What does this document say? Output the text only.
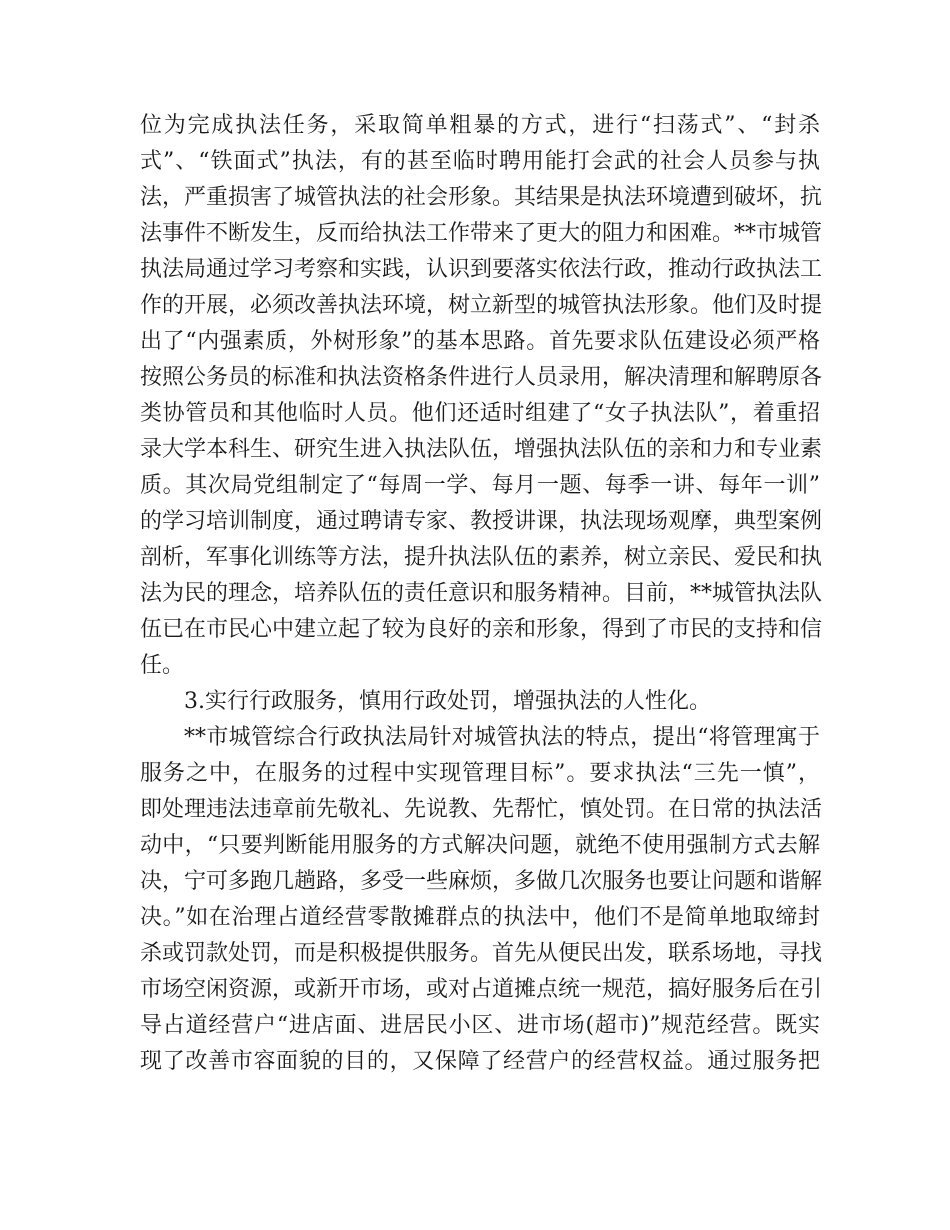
位为完成执法任务，采取简单粗暴的方式，进行“扫荡式”、“封杀
式”、“铁面式”执法，有的甚至临时聘用能打会武的社会人员参与执
法，严重损害了城管执法的社会形象。其结果是执法环境遭到破坏，抗
法事件不断发生，反而给执法工作带来了更大的阻力和困难。**市城管
执法局通过学习考察和实践，认识到要落实依法行政，推动行政执法工
作的开展，必须改善执法环境，树立新型的城管执法形象。他们及时提
出了“内强素质，外树形象”的基本思路。首先要求队伍建设必须严格
按照公务员的标准和执法资格条件进行人员录用，解决清理和解聘原各
类协管员和其他临时人员。他们还适时组建了“女子执法队”，着重招
录大学本科生、研究生进入执法队伍，增强执法队伍的亲和力和专业素
质。其次局党组制定了“每周一学、每月一题、每季一讲、每年一训”
的学习培训制度，通过聘请专家、教授讲课，执法现场观摩，典型案例
剖析，军事化训练等方法，提升执法队伍的素养，树立亲民、爱民和执
法为民的理念，培养队伍的责任意识和服务精神。目前，**城管执法队
伍已在市民心中建立起了较为良好的亲和形象，得到了市民的支持和信
任。
3.实行行政服务，慎用行政处罚，增强执法的人性化。
**市城管综合行政执法局针对城管执法的特点，提出“将管理寓于
服务之中，在服务的过程中实现管理目标”。要求执法“三先一慎”，
即处理违法违章前先敬礼、先说教、先帮忙，慎处罚。在日常的执法活
动中，“只要判断能用服务的方式解决问题，就绝不使用强制方式去解
决，宁可多跑几趟路，多受一些麻烦，多做几次服务也要让问题和谐解
决。”如在治理占道经营零散摊群点的执法中，他们不是简单地取缔封
杀或罚款处罚，而是积极提供服务。首先从便民出发，联系场地，寻找
市场空闲资源，或新开市场，或对占道摊点统一规范，搞好服务后在引
导占道经营户“进店面、进居民小区、进市场(超市)”规范经营。既实
现了改善市容面貌的目的，又保障了经营户的经营权益。通过服务把
